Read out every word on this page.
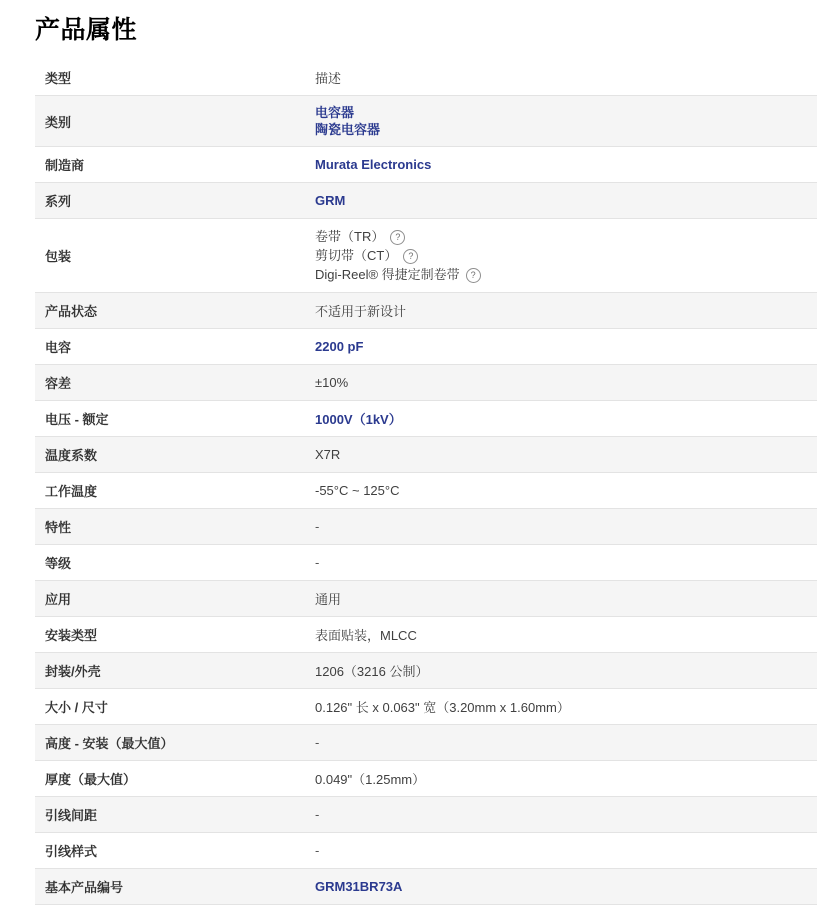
产品属性
类型	描述
类别	电容器
陶瓷电容器

制造商	Murata Electronics
系列	GRM
包装	卷带（TR） ?
剪切带（CT） ?
Digi-Reel® 得捷定制卷带 ?

产品状态	不适用于新设计
电容	2200 pF
容差	±10%
电压 - 额定	1000V（1kV）
温度系数	X7R
工作温度	-55°C ~ 125°C
特性	-
等级	-
应用	通用
安装类型	表面贴装，MLCC
封装/外壳	1206（3216 公制）
大小 / 尺寸	0.126" 长 x 0.063" 宽（3.20mm x 1.60mm）
高度 - 安装（最大值）	-
厚度（最大值）	0.049"（1.25mm）
引线间距	-
引线样式	-
基本产品编号	GRM31BR73A
